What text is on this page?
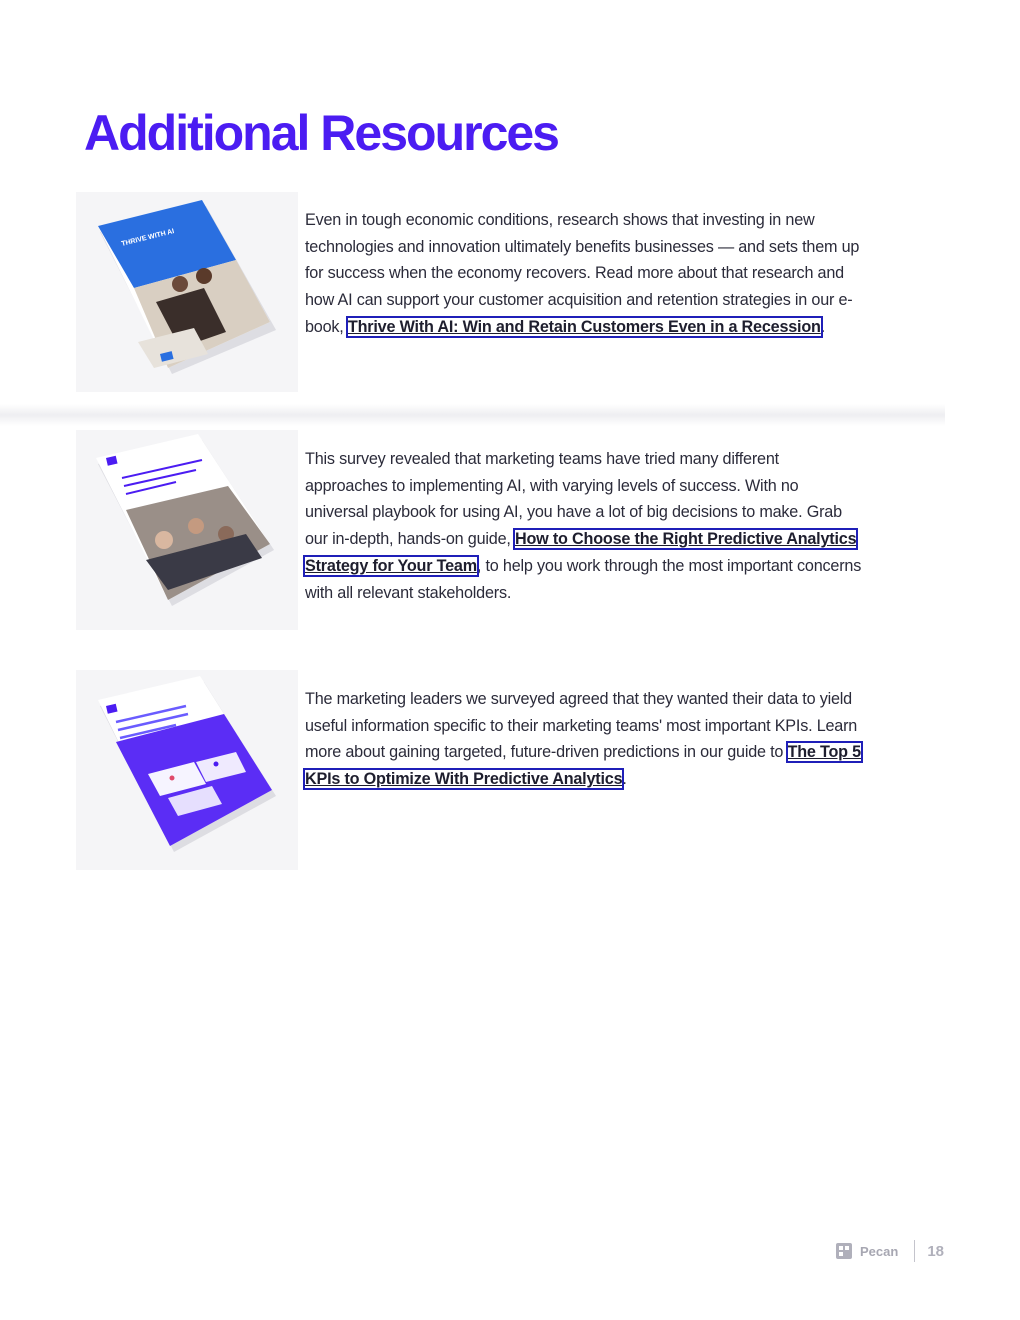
Additional Resources
THRIVE WITH AI

Even in tough economic conditions, research shows that investing in new technologies and innovation ultimately benefits businesses — and sets them up for success when the economy recovers. Read more about that research and how AI can support your customer acquisition and retention strategies in our e-book, Thrive With AI: Win and Retain Customers Even in a Recession.

This survey revealed that marketing teams have tried many different approaches to implementing AI, with varying levels of success. With no universal playbook for using AI, you have a lot of big decisions to make. Grab our in-depth, hands-on guide, How to Choose the Right Predictive Analytics Strategy for Your Team, to help you work through the most important concerns with all relevant stakeholders.

The marketing leaders we surveyed agreed that they wanted their data to yield useful information specific to their marketing teams' most important KPIs. Learn more about gaining targeted, future-driven predictions in our guide to The Top 5 KPIs to Optimize With Predictive Analytics.

Pecan 18
